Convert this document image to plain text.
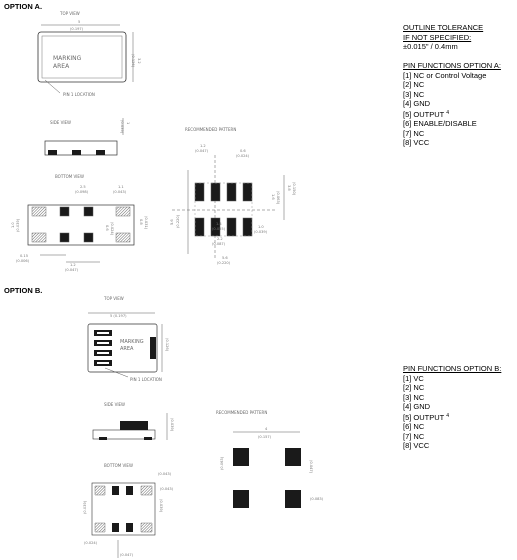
OPTION A.
OPTION B.
TOP VIEW
5
(0.197)
MARKING
AREA
3.2
(0.126)
PIN 1 LOCATION
SIDE VIEW	1
(0.039)
BOTTOM VIEW
2.5
(0.098)
1.1
(0.043)
1.0 (0.039)	0.8 (0.031)
0.6 (0.024)
0.15
(0.006)
1.2
(0.047)
RECOMMENDED PATTERN
1.2
(0.047)	0.6
(0.024)
5.6 (0.220)
1.6 (0.063)
3.8 (0.150)
1.4
(0.055)
2.2
(0.087)
1.0
(0.039)
5.6
(0.220)
TOP VIEW
5 (0.197)
MARKING
AREA	(0.126)
PIN 1 LOCATION
SIDE VIEW
(0.039)
BOTTOM VIEW
(0.043)
(0.039)
(0.043)
(0.039)
(0.024)
(0.047)
RECOMMENDED PATTERN
4
(0.157)
(0.063)	(0.047)
(0.083)
OUTLINE TOLERANCE
IF NOT SPECIFIED:
±0.015" / 0.4mm
PIN FUNCTIONS OPTION A:
[1] NC or Control Voltage
[2] NC
[3] NC
[4] GND
[5] OUTPUT $^4$
[6] ENABLE/DISABLE
[7] NC
[8] VCC
PIN FUNCTIONS OPTION B:
[1] VC
[2] NC
[3] NC
[4] GND
[5] OUTPUT $^4$
[6] NC
[7] NC
[8] VCC
